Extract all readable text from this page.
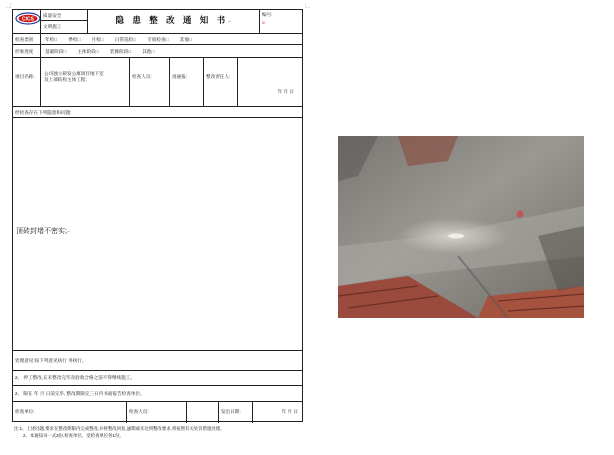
CICS
质量安全
文明施工
隐 患 整 改 通 知 书↵
编号:
α
检查类别	年检□ 季检□ 月检□ 日常巡检□ 专项检查□ 其他□
形象进度	基础阶段□ 主体阶段□ 装修阶段□ 其他□
项目名称:
公司独立研发公寓项目地下室
及上部结构主体工程;
检查人员:	再通报:	整改责任人:
年 月 日
经检查存在下列隐患和问题:
顶砖封堵不密实;↵
处理意见:按下列意见执行 务执行。
2、 停工整改,在未整改完毕及验收合格之前不得继续施工。
2、 限在 年 月 日前完毕, 整改期限完三日内书面报告检查单位。
检查单位:	检查人员:	发出日期:	年 月 日
注:1、上述问题,要求在整改期限内完成整改,并将整改回复,逾期或未达到整改要求,将按照有关处罚措施处理。
2、本通知书一式3份,检查单位、受检查单位各1份。
